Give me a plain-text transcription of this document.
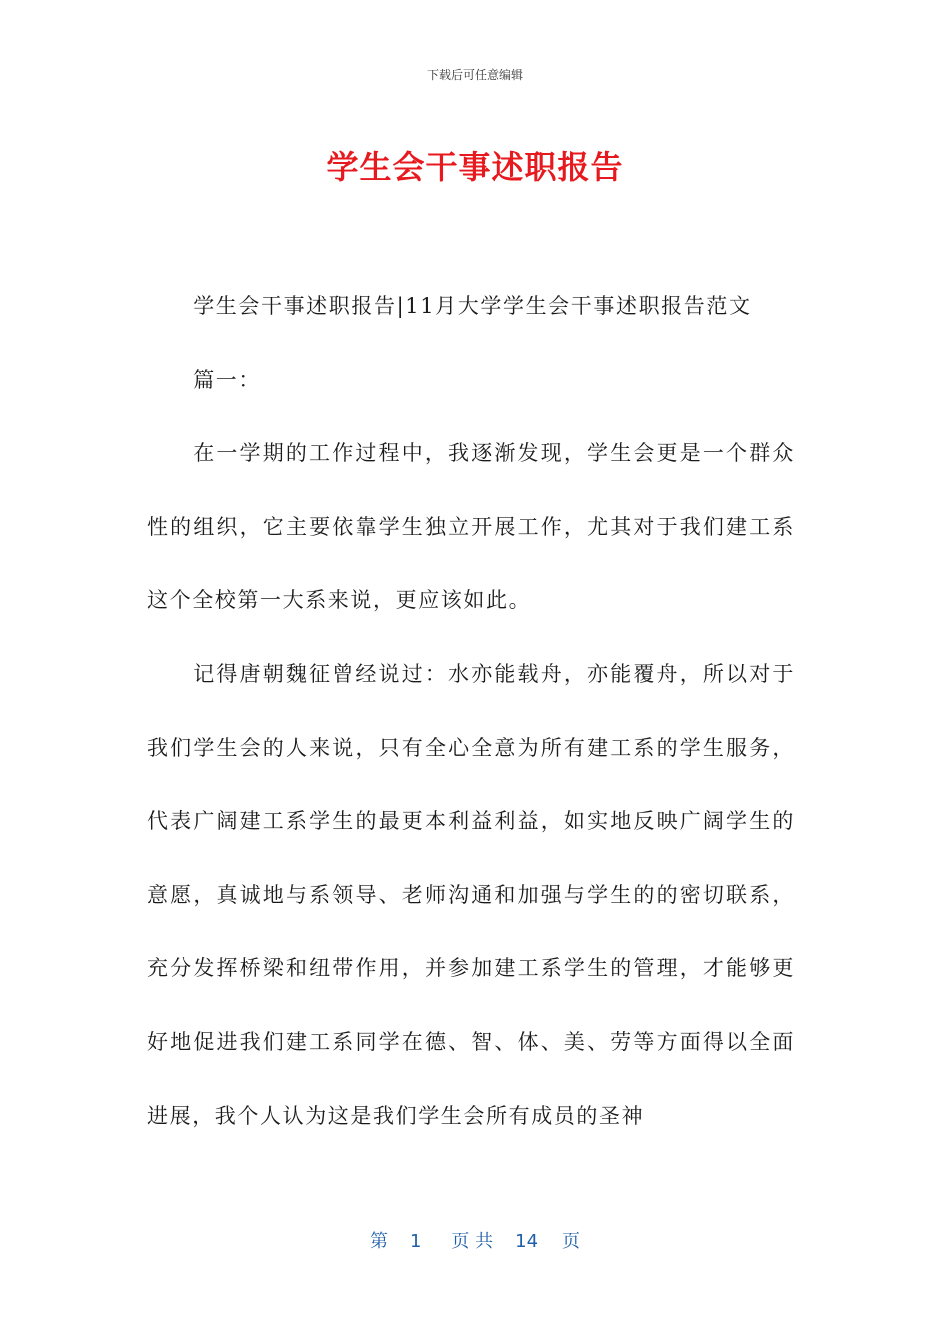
下载后可任意编辑
学生会干事述职报告

学生会干事述职报告|11月大学学生会干事述职报告范文

篇一：

在一学期的工作过程中，我逐渐发现，学生会更是一个群众性的组织，它主要依靠学生独立开展工作，尤其对于我们建工系这个全校第一大系来说，更应该如此。

记得唐朝魏征曾经说过：水亦能载舟，亦能覆舟，所以对于我们学生会的人来说，只有全心全意为所有建工系的学生服务，代表广阔建工系学生的最更本利益利益，如实地反映广阔学生的意愿，真诚地与系领导、老师沟通和加强与学生的的密切联系，充分发挥桥梁和纽带作用，并参加建工系学生的管理，才能够更好地促进我们建工系同学在德、智、体、美、劳等方面得以全面进展，我个人认为这是我们学生会所有成员的圣神

第 1 页 共 14 页
